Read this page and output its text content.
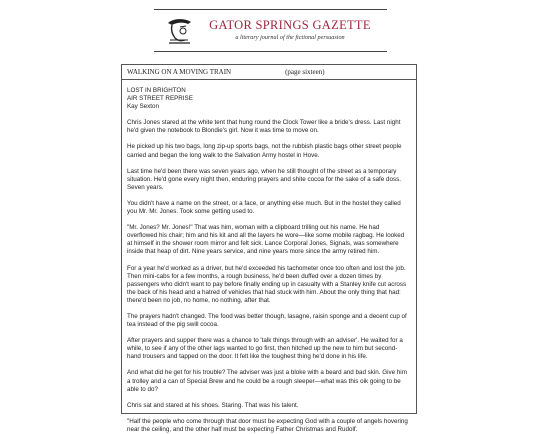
GATOR SPRINGS GAZETTE
a literary journal of the fictional persuasion
WALKING ON A MOVING TRAIN	(page sixteen)
LOST IN BRIGHTON
AIR STREET REPRISE
Kay Sexton

Chris Jones stared at the white tent that hung round the Clock Tower like a bride's dress. Last night he'd given the notebook to Blondie's girl. Now it was time to move on.

He picked up his two bags, long zip-up sports bags, not the rubbish plastic bags other street people carried and began the long walk to the Salvation Army hostel in Hove.

Last time he'd been there was seven years ago, when he still thought of the street as a temporary situation. He'd gone every night then, enduring prayers and shite cocoa for the sake of a safe doss. Seven years.

You didn't have a name on the street, or a face, or anything else much. But in the hostel they called you Mr. Mr. Jones. Took some getting used to.

"Mr. Jones? Mr. Jones!" That was him, woman with a clipboard trilling out his name. He had overflowed his chair; him and his kit and all the layers he wore—like some mobile ragbag. He looked at himself in the shower room mirror and felt sick. Lance Corporal Jones, Signals, was somewhere inside that heap of dirt. Nine years service, and nine years more since the army retired him.

For a year he'd worked as a driver, but he'd exceeded his tachometer once too often and lost the job. Then mini-cabs for a few months, a rough business, he'd been duffed over a dozen times by passengers who didn't want to pay before finally ending up in casualty with a Stanley knife cut across the back of his head and a hatred of vehicles that had stuck with him. About the only thing that had: there'd been no job, no home, no nothing, after that.

The prayers hadn't changed. The food was better though, lasagne, raisin sponge and a decent cup of tea instead of the pig swill cocoa.

After prayers and supper there was a chance to 'talk things through with an adviser'. He waited for a while, to see if any of the other lags wanted to go first, then hitched up the new to him but second-hand trousers and tapped on the door. It felt like the toughest thing he'd done in his life.

And what did he get for his trouble? The adviser was just a bloke with a beard and bad skin. Give him a trolley and a can of Special Brew and he could be a rough sleeper—what was this oik going to be able to do?

Chris sat and stared at his shoes. Staring. That was his talent.

"Half the people who come through that door must be expecting God with a couple of angels hovering near the ceiling, and the other half must be expecting Father Christmas and Rudolf.
